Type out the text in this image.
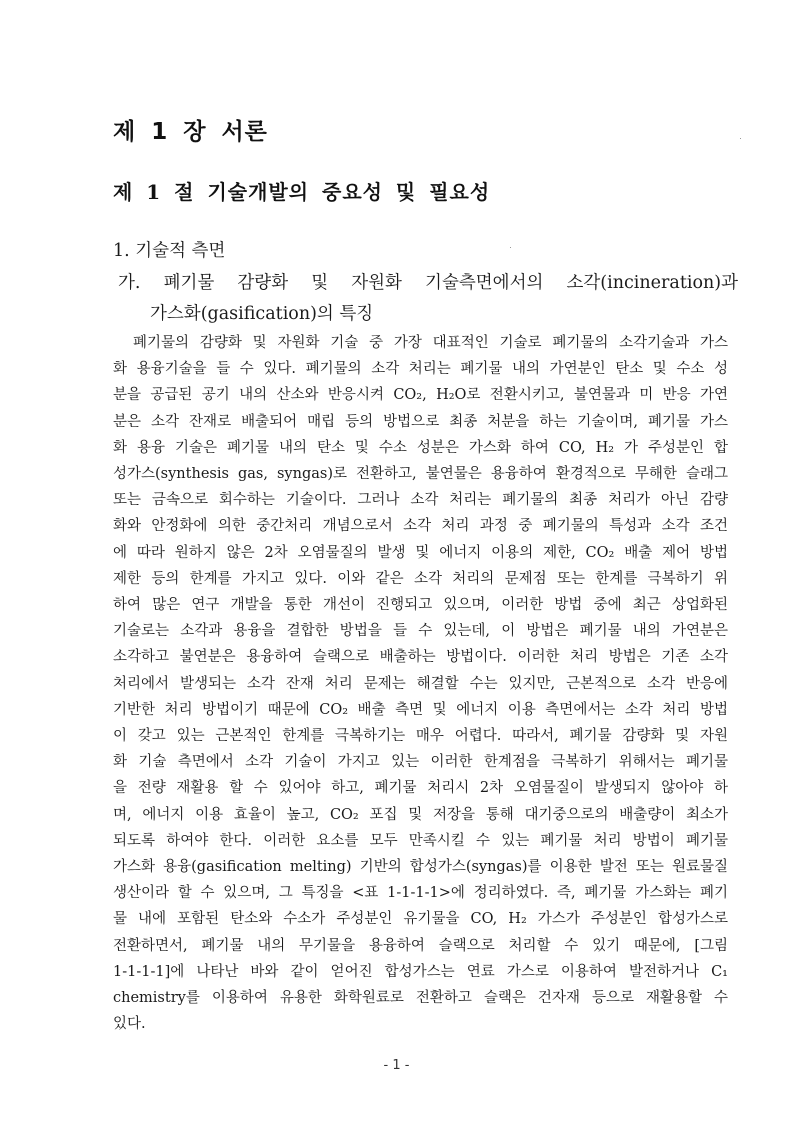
제 1 장 서론
제 1 절 기술개발의 중요성 및 필요성
1. 기술적 측면
가. 폐기물 감량화 및 자원화 기술측면에서의 소각(incineration)과
가스화(gasification)의 특징

폐기물의 감량화 및 자원화 기술 중 가장 대표적인 기술로 폐기물의 소각기술과 가스
화 용융기술을 들 수 있다. 폐기물의 소각 처리는 폐기물 내의 가연분인 탄소 및 수소 성
분을 공급된 공기 내의 산소와 반응시켜 CO₂, H₂O로 전환시키고, 불연물과 미 반응 가연
분은 소각 잔재로 배출되어 매립 등의 방법으로 최종 처분을 하는 기술이며, 폐기물 가스
화 용융 기술은 폐기물 내의 탄소 및 수소 성분은 가스화 하여 CO, H₂ 가 주성분인 합
성가스(synthesis gas, syngas)로 전환하고, 불연물은 용융하여 환경적으로 무해한 슬래그
또는 금속으로 회수하는 기술이다. 그러나 소각 처리는 폐기물의 최종 처리가 아닌 감량
화와 안정화에 의한 중간처리 개념으로서 소각 처리 과정 중 폐기물의 특성과 소각 조건
에 따라 원하지 않은 2차 오염물질의 발생 및 에너지 이용의 제한, CO₂ 배출 제어 방법
제한 등의 한계를 가지고 있다. 이와 같은 소각 처리의 문제점 또는 한계를 극복하기 위
하여 많은 연구 개발을 통한 개선이 진행되고 있으며, 이러한 방법 중에 최근 상업화된
기술로는 소각과 용융을 결합한 방법을 들 수 있는데, 이 방법은 폐기물 내의 가연분은
소각하고 불연분은 용융하여 슬랙으로 배출하는 방법이다. 이러한 처리 방법은 기존 소각
처리에서 발생되는 소각 잔재 처리 문제는 해결할 수는 있지만, 근본적으로 소각 반응에
기반한 처리 방법이기 때문에 CO₂ 배출 측면 및 에너지 이용 측면에서는 소각 처리 방법
이 갖고 있는 근본적인 한계를 극복하기는 매우 어렵다. 따라서, 폐기물 감량화 및 자원
화 기술 측면에서 소각 기술이 가지고 있는 이러한 한계점을 극복하기 위해서는 폐기물
을 전량 재활용 할 수 있어야 하고, 폐기물 처리시 2차 오염물질이 발생되지 않아야 하
며, 에너지 이용 효율이 높고, CO₂ 포집 및 저장을 통해 대기중으로의 배출량이 최소가
되도록 하여야 한다. 이러한 요소를 모두 만족시킬 수 있는 폐기물 처리 방법이 폐기물
가스화 용융(gasification melting) 기반의 합성가스(syngas)를 이용한 발전 또는 원료물질
생산이라 할 수 있으며, 그 특징을 <표 1-1-1-1>에 정리하였다. 즉, 폐기물 가스화는 폐기
물 내에 포함된 탄소와 수소가 주성분인 유기물을 CO, H₂ 가스가 주성분인 합성가스로
전환하면서, 폐기물 내의 무기물을 용융하여 슬랙으로 처리할 수 있기 때문에, [그림
1-1-1-1]에 나타난 바와 같이 얻어진 합성가스는 연료 가스로 이용하여 발전하거나 C₁
chemistry를 이용하여 유용한 화학원료로 전환하고 슬랙은 건자재 등으로 재활용할 수
있다.

- 1 -
